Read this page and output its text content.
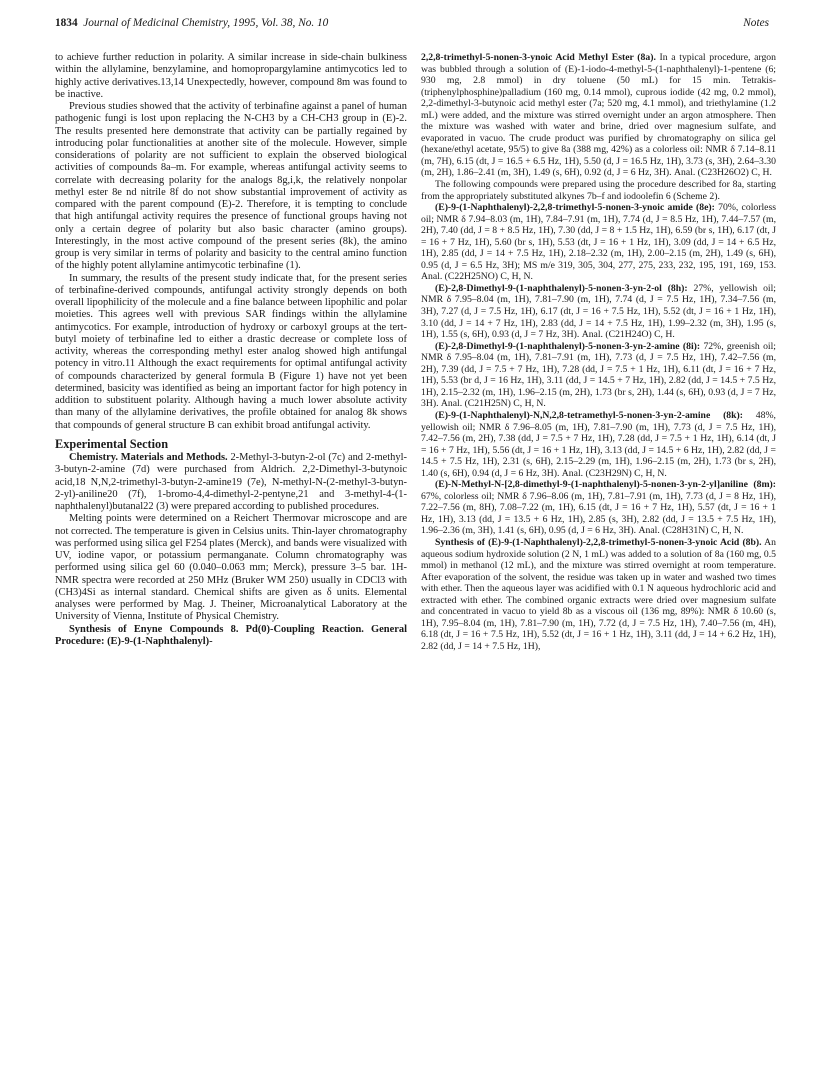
1834 Journal of Medicinal Chemistry, 1995, Vol. 38, No. 10	Notes

to achieve further reduction in polarity. A similar increase in side-chain bulkiness within the allylamine, benzylamine, and homopropargylamine antimycotics led to highly active derivatives.13,14 Unexpectedly, however, compound 8m was found to be inactive.

Previous studies showed that the activity of terbinafine against a panel of human pathogenic fungi is lost upon replacing the N-CH3 by a CH-CH3 group in (E)-2. The results presented here demonstrate that activity can be partially regained by introducing polar functionalities at another site of the molecule. However, simple considerations of polarity are not sufficient to explain the observed biological activities of compounds 8a–m. For example, whereas antifungal activity seems to correlate with decreasing polarity for the analogs 8g,i,k, the relatively nonpolar methyl ester 8e nd nitrile 8f do not show substantial improvement of activity as compared with the parent compound (E)-2. Therefore, it is tempting to conclude that high antifungal activity requires the presence of functional groups having not only a certain degree of polarity but also basic character (amino groups). Interestingly, in the most active compound of the present series (8k), the amino group is very similar in terms of polarity and basicity to the central amino function of the highly potent allylamine antimycotic terbinafine (1).

In summary, the results of the present study indicate that, for the present series of terbinafine-derived compounds, antifungal activity strongly depends on both overall lipophilicity of the molecule and a fine balance between lipophilic and polar moieties. This agrees well with previous SAR findings within the allylamine antimycotics. For example, introduction of hydroxy or carboxyl groups at the tert-butyl moiety of terbinafine led to either a drastic decrease or complete loss of activity, whereas the corresponding methyl ester analog showed high antifungal potency in vitro.11 Although the exact requirements for optimal antifungal activity of compounds characterized by general formula B (Figure 1) have not yet been determined, basicity was identified as being an important factor for high potency in addition to substituent polarity. Although having a much lower absolute activity than many of the allylamine derivatives, the profile obtained for analog 8k shows that compounds of general structure B can exhibit broad antifungal activity.

Experimental Section

Chemistry. Materials and Methods. 2-Methyl-3-butyn-2-ol (7c) and 2-methyl-3-butyn-2-amine (7d) were purchased from Aldrich. 2,2-Dimethyl-3-butynoic acid,18 N,N,2-trimethyl-3-butyn-2-amine19 (7e), N-methyl-N-(2-methyl-3-butyn-2-yl)-aniline20 (7f), 1-bromo-4,4-dimethyl-2-pentyne,21 and 3-methyl-4-(1-naphthalenyl)butanal22 (3) were prepared according to published procedures.

Melting points were determined on a Reichert Thermovar microscope and are not corrected. The temperature is given in Celsius units. Thin-layer chromatography was performed using silica gel F254 plates (Merck), and bands were visualized with UV, iodine vapor, or potassium permanganate. Column chromatography was performed using silica gel 60 (0.040–0.063 mm; Merck), pressure 3–5 bar. 1H-NMR spectra were recorded at 250 MHz (Bruker WM 250) usually in CDCl3 with (CH3)4Si as internal standard. Chemical shifts are given as δ units. Elemental analyses were performed by Mag. J. Theiner, Microanalytical Laboratory at the University of Vienna, Institute of Physical Chemistry.

Synthesis of Enyne Compounds 8. Pd(0)-Coupling Reaction. General Procedure: (E)-9-(1-Naphthalenyl)-

2,2,8-trimethyl-5-nonen-3-ynoic Acid Methyl Ester (8a). In a typical procedure, argon was bubbled through a solution of (E)-1-iodo-4-methyl-5-(1-naphthalenyl)-1-pentene (6; 930 mg, 2.8 mmol) in dry toluene (50 mL) for 15 min. Tetrakis-(triphenylphosphine)palladium (160 mg, 0.14 mmol), cuprous iodide (42 mg, 0.2 mmol), 2,2-dimethyl-3-butynoic acid methyl ester (7a; 520 mg, 4.1 mmol), and triethylamine (1.2 mL) were added, and the mixture was stirred overnight under an argon atmosphere. Then the mixture was washed with water and brine, dried over magnesium sulfate, and evaporated in vacuo. The crude product was purified by chromatography on silica gel (hexane/ethyl acetate, 95/5) to give 8a (388 mg, 42%) as a colorless oil: NMR δ 7.14–8.11 (m, 7H), 6.15 (dt, J = 16.5 + 6.5 Hz, 1H), 5.50 (d, J = 16.5 Hz, 1H), 3.73 (s, 3H), 2.64–3.30 (m, 2H), 1.86–2.41 (m, 3H), 1.49 (s, 6H), 0.92 (d, J = 6 Hz, 3H). Anal. (C23H26O2) C, H.

The following compounds were prepared using the procedure described for 8a, starting from the appropriately substituted alkynes 7b–f and iodoolefin 6 (Scheme 2).

(E)-9-(1-Naphthalenyl)-2,2,8-trimethyl-5-nonen-3-ynoic amide (8e): 70%, colorless oil; NMR δ 7.94–8.03 (m, 1H), 7.84–7.91 (m, 1H), 7.74 (d, J = 8.5 Hz, 1H), 7.44–7.57 (m, 2H), 7.40 (dd, J = 8 + 8.5 Hz, 1H), 7.30 (dd, J = 8 + 1.5 Hz, 1H), 6.59 (br s, 1H), 6.17 (dt, J = 16 + 7 Hz, 1H), 5.60 (br s, 1H), 5.53 (dt, J = 16 + 1 Hz, 1H), 3.09 (dd, J = 14 + 6.5 Hz, 1H), 2.85 (dd, J = 14 + 7.5 Hz, 1H), 2.18–2.32 (m, 1H), 2.00–2.15 (m, 2H), 1.49 (s, 6H), 0.95 (d, J = 6.5 Hz, 3H); MS m/e 319, 305, 304, 277, 275, 233, 232, 195, 191, 169, 153. Anal. (C22H25NO) C, H, N.

(E)-2,8-Dimethyl-9-(1-naphthalenyl)-5-nonen-3-yn-2-ol (8h): 27%, yellowish oil; NMR δ 7.95–8.04 (m, 1H), 7.81–7.90 (m, 1H), 7.74 (d, J = 7.5 Hz, 1H), 7.34–7.56 (m, 3H), 7.27 (d, J = 7.5 Hz, 1H), 6.17 (dt, J = 16 + 7.5 Hz, 1H), 5.52 (dt, J = 16 + 1 Hz, 1H), 3.10 (dd, J = 14 + 7 Hz, 1H), 2.83 (dd, J = 14 + 7.5 Hz, 1H), 1.99–2.32 (m, 3H), 1.95 (s, 1H), 1.55 (s, 6H), 0.93 (d, J = 7 Hz, 3H). Anal. (C21H24O) C, H.

(E)-2,8-Dimethyl-9-(1-naphthalenyl)-5-nonen-3-yn-2-amine (8i): 72%, greenish oil; NMR δ 7.95–8.04 (m, 1H), 7.81–7.91 (m, 1H), 7.73 (d, J = 7.5 Hz, 1H), 7.42–7.56 (m, 2H), 7.39 (dd, J = 7.5 + 7 Hz, 1H), 7.28 (dd, J = 7.5 + 1 Hz, 1H), 6.11 (dt, J = 16 + 7 Hz, 1H), 5.53 (br d, J = 16 Hz, 1H), 3.11 (dd, J = 14.5 + 7 Hz, 1H), 2.82 (dd, J = 14.5 + 7.5 Hz, 1H), 2.15–2.32 (m, 1H), 1.96–2.15 (m, 2H), 1.73 (br s, 2H), 1.44 (s, 6H), 0.93 (d, J = 7 Hz, 3H). Anal. (C21H25N) C, H, N.

(E)-9-(1-Naphthalenyl)-N,N,2,8-tetramethyl-5-nonen-3-yn-2-amine (8k): 48%, yellowish oil; NMR δ 7.96–8.05 (m, 1H), 7.81–7.90 (m, 1H), 7.73 (d, J = 7.5 Hz, 1H), 7.42–7.56 (m, 2H), 7.38 (dd, J = 7.5 + 7 Hz, 1H), 7.28 (dd, J = 7.5 + 1 Hz, 1H), 6.14 (dt, J = 16 + 7 Hz, 1H), 5.56 (dt, J = 16 + 1 Hz, 1H), 3.13 (dd, J = 14.5 + 6 Hz, 1H), 2.82 (dd, J = 14.5 + 7.5 Hz, 1H), 2.31 (s, 6H), 2.15–2.29 (m, 1H), 1.96–2.15 (m, 2H), 1.73 (br s, 2H), 1.40 (s, 6H), 0.94 (d, J = 6 Hz, 3H). Anal. (C23H29N) C, H, N.

(E)-N-Methyl-N-[2,8-dimethyl-9-(1-naphthalenyl)-5-nonen-3-yn-2-yl]aniline (8m): 67%, colorless oil; NMR δ 7.96–8.06 (m, 1H), 7.81–7.91 (m, 1H), 7.73 (d, J = 8 Hz, 1H), 7.22–7.56 (m, 8H), 7.08–7.22 (m, 1H), 6.15 (dt, J = 16 + 7 Hz, 1H), 5.57 (dt, J = 16 + 1 Hz, 1H), 3.13 (dd, J = 13.5 + 6 Hz, 1H), 2.85 (s, 3H), 2.82 (dd, J = 13.5 + 7.5 Hz, 1H), 1.96–2.36 (m, 3H), 1.41 (s, 6H), 0.95 (d, J = 6 Hz, 3H). Anal. (C28H31N) C, H, N.

Synthesis of (E)-9-(1-Naphthalenyl)-2,2,8-trimethyl-5-nonen-3-ynoic Acid (8b). An aqueous sodium hydroxide solution (2 N, 1 mL) was added to a solution of 8a (160 mg, 0.5 mmol) in methanol (12 mL), and the mixture was stirred overnight at room temperature. After evaporation of the solvent, the residue was taken up in water and washed two times with ether. Then the aqueous layer was acidified with 0.1 N aqueous hydrochloric acid and extracted with ether. The combined organic extracts were dried over magnesium sulfate and concentrated in vacuo to yield 8b as a viscous oil (136 mg, 89%): NMR δ 10.60 (s, 1H), 7.95–8.04 (m, 1H), 7.81–7.90 (m, 1H), 7.72 (d, J = 7.5 Hz, 1H), 7.40–7.56 (m, 4H), 6.18 (dt, J = 16 + 7.5 Hz, 1H), 5.52 (dt, J = 16 + 1 Hz, 1H), 3.11 (dd, J = 14 + 6.2 Hz, 1H), 2.82 (dd, J = 14 + 7.5 Hz, 1H),
